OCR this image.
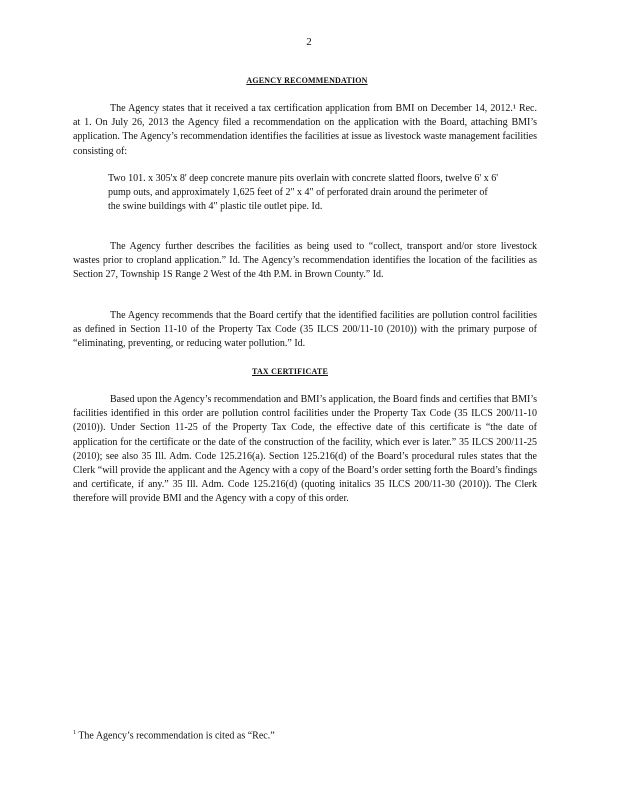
2
AGENCY RECOMMENDATION
The Agency states that it received a tax certification application from BMI on December 14, 2012.¹ Rec. at 1. On July 26, 2013 the Agency filed a recommendation on the application with the Board, attaching BMI’s application. The Agency’s recommendation identifies the facilities at issue as livestock waste management facilities consisting of:
Two 101. x 305'x 8' deep concrete manure pits overlain with concrete slatted floors, twelve 6' x 6' pump outs, and approximately 1,625 feet of 2" x 4" of perforated drain around the perimeter of the swine buildings with 4" plastic tile outlet pipe. Id.
The Agency further describes the facilities as being used to “collect, transport and/or store livestock wastes prior to cropland application.” Id. The Agency’s recommendation identifies the location of the facilities as Section 27, Township 1S Range 2 West of the 4th P.M. in Brown County.” Id.
The Agency recommends that the Board certify that the identified facilities are pollution control facilities as defined in Section 11-10 of the Property Tax Code (35 ILCS 200/11-10 (2010)) with the primary purpose of “eliminating, preventing, or reducing water pollution.” Id.
TAX CERTIFICATE
Based upon the Agency’s recommendation and BMI’s application, the Board finds and certifies that BMI’s facilities identified in this order are pollution control facilities under the Property Tax Code (35 ILCS 200/11-10 (2010)). Under Section 11-25 of the Property Tax Code, the effective date of this certificate is “the date of application for the certificate or the date of the construction of the facility, which ever is later.” 35 ILCS 200/11-25 (2010); see also 35 Ill. Adm. Code 125.216(a). Section 125.216(d) of the Board’s procedural rules states that the Clerk “will provide the applicant and the Agency with a copy of the Board’s order setting forth the Board’s findings and certificate, if any.” 35 Ill. Adm. Code 125.216(d) (quoting initalics 35 ILCS 200/11-30 (2010)). The Clerk therefore will provide BMI and the Agency with a copy of this order.
$^1$ The Agency’s recommendation is cited as “Rec.”
